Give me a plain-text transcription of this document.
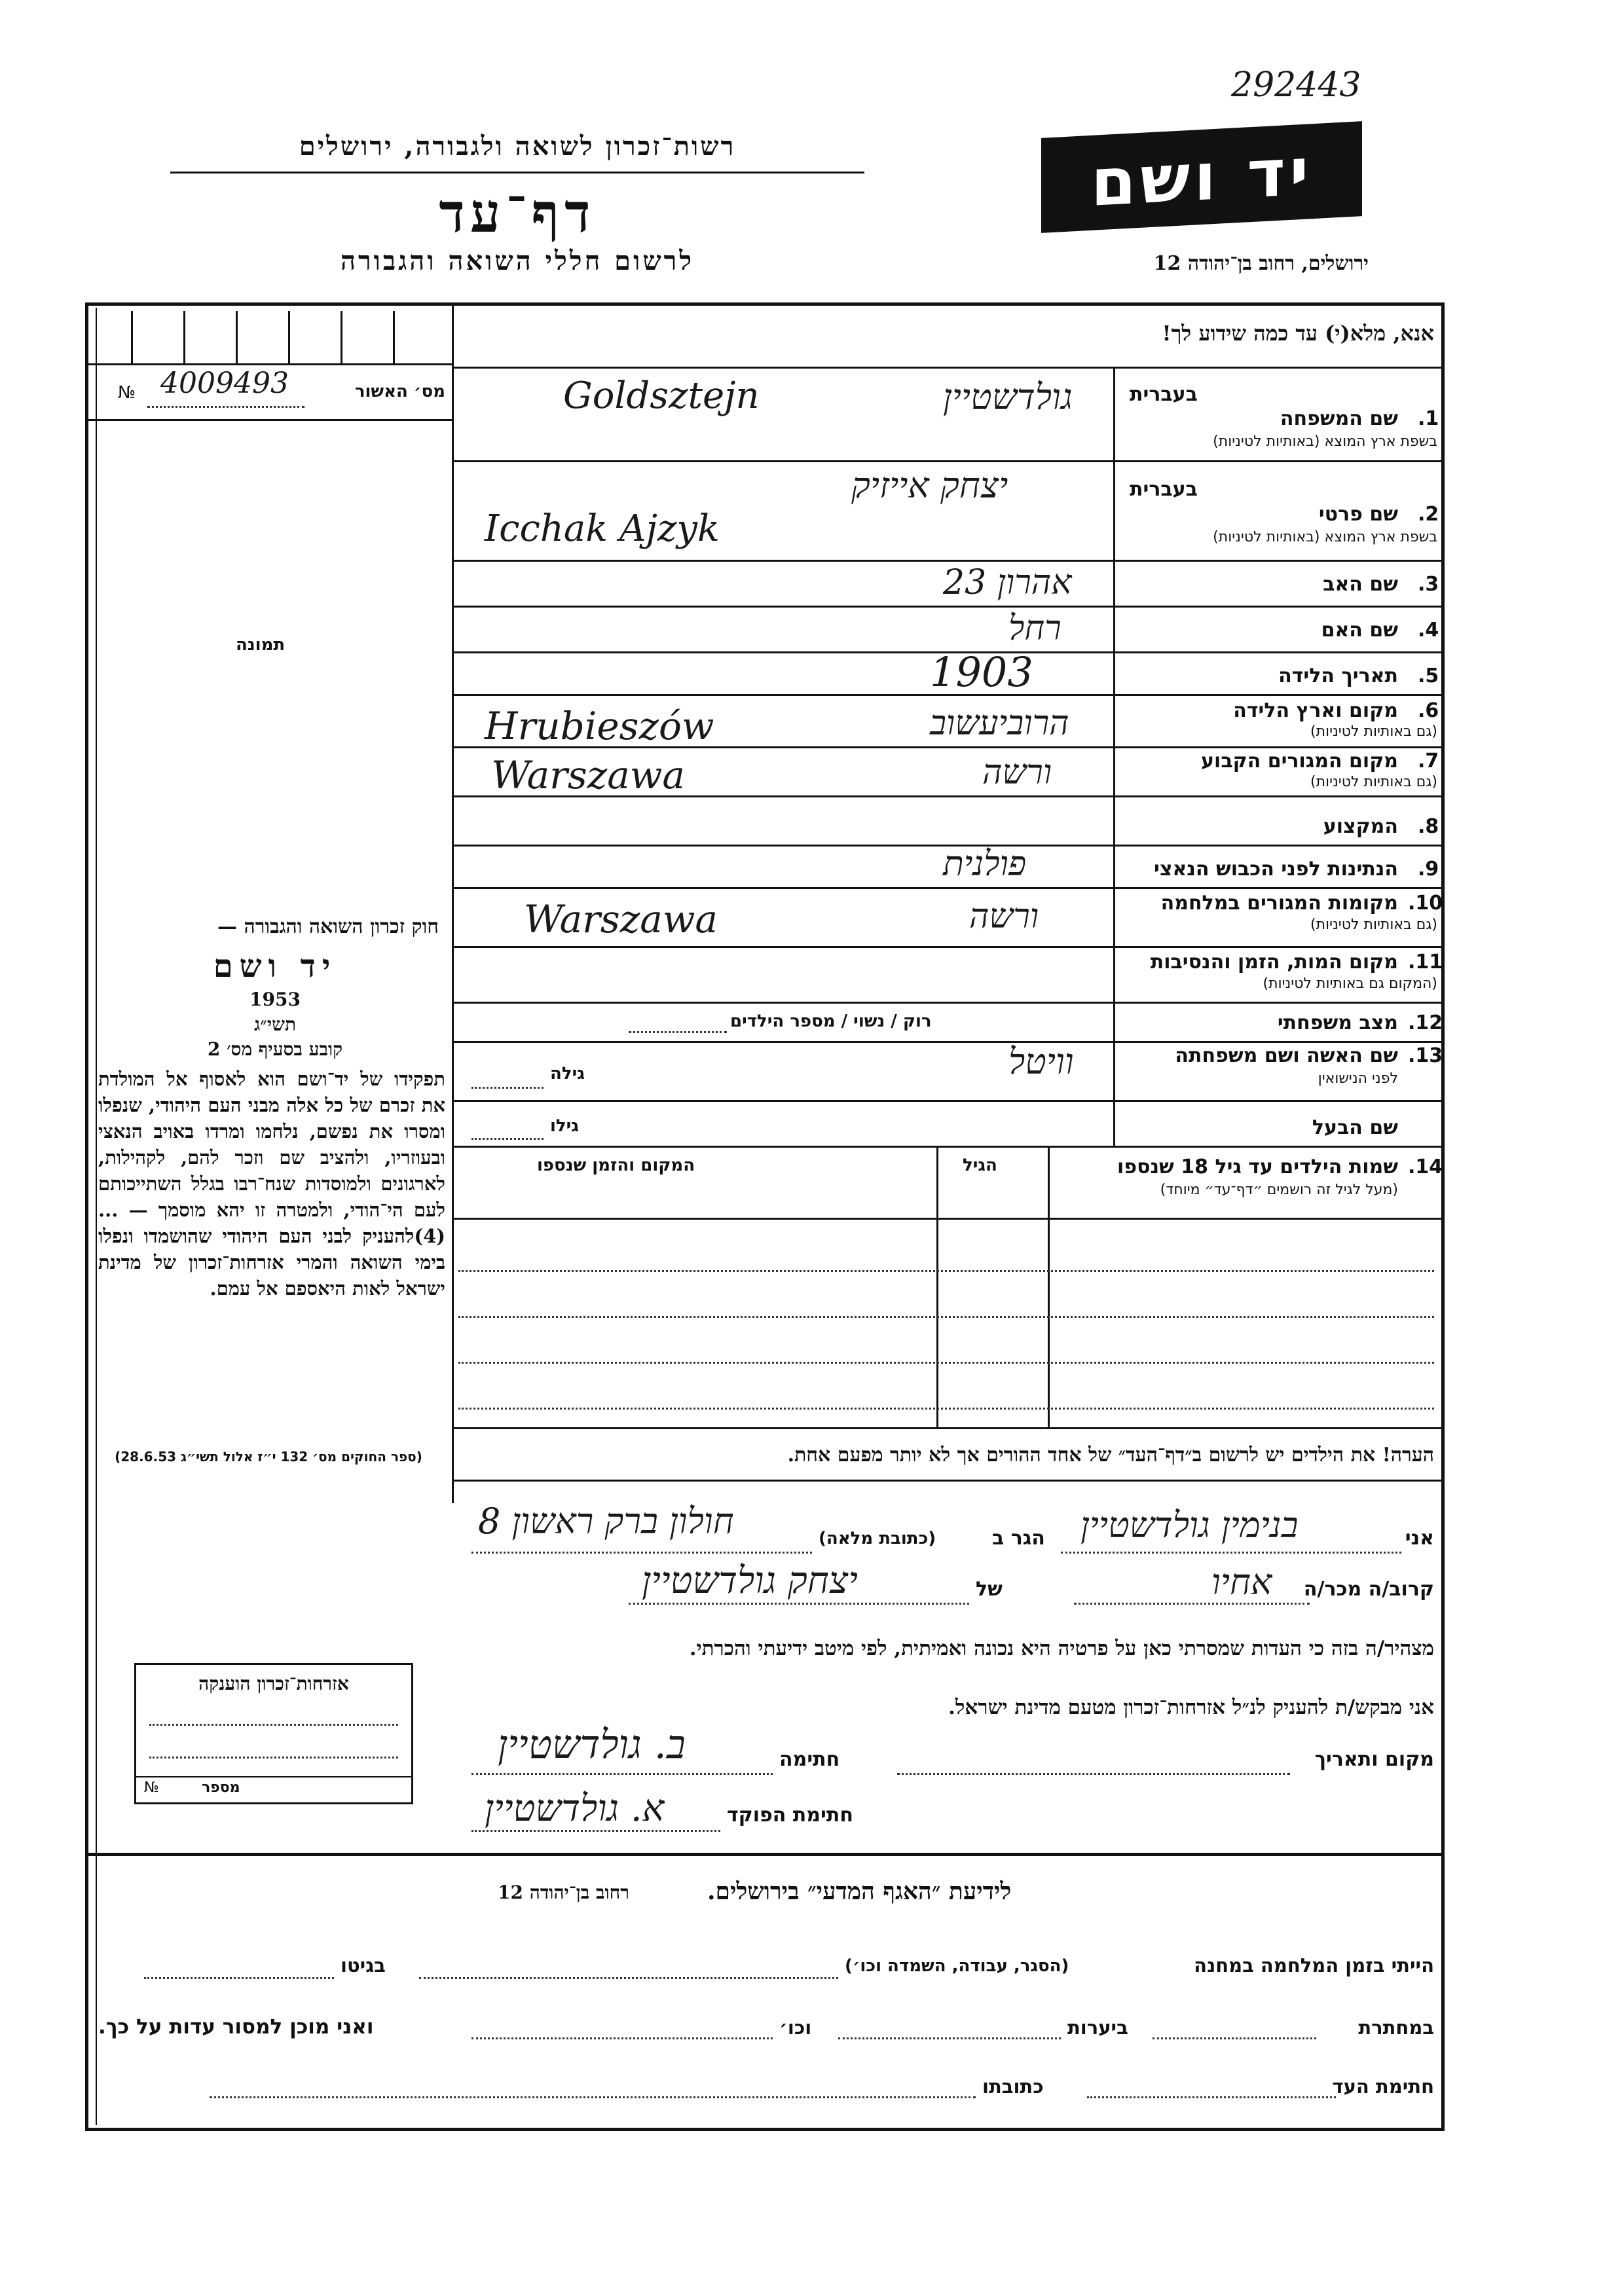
292443
יד ושם
ירושלים, רחוב בן־יהודה 12
רשות־זכרון לשואה ולגבורה, ירושלים
דף־עד
לרשום חללי השואה והגבורה
מס׳ האשור
4009493
№
תמונה
אנא, מלא(י) עד כמה שידוע לך!
בעברית
1.
שם המשפחה
בשפת ארץ המוצא (באותיות לטיניות)
גולדשטיין
Goldsztejn
בעברית
2.
שם פרטי
בשפת ארץ המוצא (באותיות לטיניות)
יצחק אייזיק
Icchak Ajzyk
3.
שם האב
אהרון 23
4.
שם האם
רחל
5.
תאריך הלידה
1903
6.
מקום וארץ הלידה
(גם באותיות לטיניות)
הרוביעשוב
Hrubieszów
7.
מקום המגורים הקבוע
(גם באותיות לטיניות)
ורשה
Warszawa
8.
המקצוע
9.
הנתינות לפני הכבוש הנאצי
פולנית
10.
מקומות המגורים במלחמה
(גם באותיות לטיניות)
ורשה
Warszawa
11.
מקום המות, הזמן והנסיבות
(המקום גם באותיות לטיניות)
12.
מצב משפחתי
רוק / נשוי / מספר הילדים
13.
שם האשה ושם משפחתה
לפני הנישואין
וויטל
גילה
שם הבעל
גילו
14.
שמות הילדים עד גיל 18 שנספו
(מעל לגיל זה רושמים ״דף־עד״ מיוחד)
הגיל
המקום והזמן שנספו
הערה! את הילדים יש לרשום ב״דף־העד״ של אחד ההורים אך לא יותר מפעם אחת.
חוק זכרון השואה והגבורה —
יד ושם
1953
תשי״ג
קובע בסעיף מס׳ 2
תפקידו של יד־ושם הוא לאסוף אל המולדת את זכרם של כל אלה מבני העם היהודי, שנפלו ומסרו את נפשם, נלחמו ומרדו באויב הנאצי ובעוזריו, ולהציב שם וזכר להם, לקהילות, לארגונים ולמוסדות שנח־רבו בגלל השתייכותם לעם הי־הודי, ולמטרה זו יהא מוסמך — ...(4)להעניק לבני העם היהודי שהושמדו ונפלו בימי השואה והמרי אזרחות־זכרון של מדינת ישראל לאות היאספם אל עמם.
(ספר החוקים מס׳ 132 י״ז אלול תשי״ג 28.6.53)
אני
בנימין גולדשטיין
הגר ב
(כתובת מלאה)
חולון ברק ראשון 8
קרוב/ה מכר/ה
אחיו
של
יצחק גולדשטיין
מצהיר/ה בזה כי העדות שמסרתי כאן על פרטיה היא נכונה ואמיתית, לפי מיטב ידיעתי והכרתי.
אני מבקש/ת להעניק לנ״ל אזרחות־זכרון מטעם מדינת ישראל.
מקום ותאריך
חתימה
ב. גולדשטיין
חתימת הפוקד
א. גולדשטיין
אזרחות־זכרון הוענקה
מספר
№
לידיעת ״האגף המדעי״ בירושלים.
רחוב בן־יהודה 12
הייתי בזמן המלחמה במחנה
(הסגר, עבודה, השמדה וכו׳)
בגיטו
במחתרת
ביערות
וכו׳
ואני מוכן למסור עדות על כך.
חתימת העד
כתובתו
